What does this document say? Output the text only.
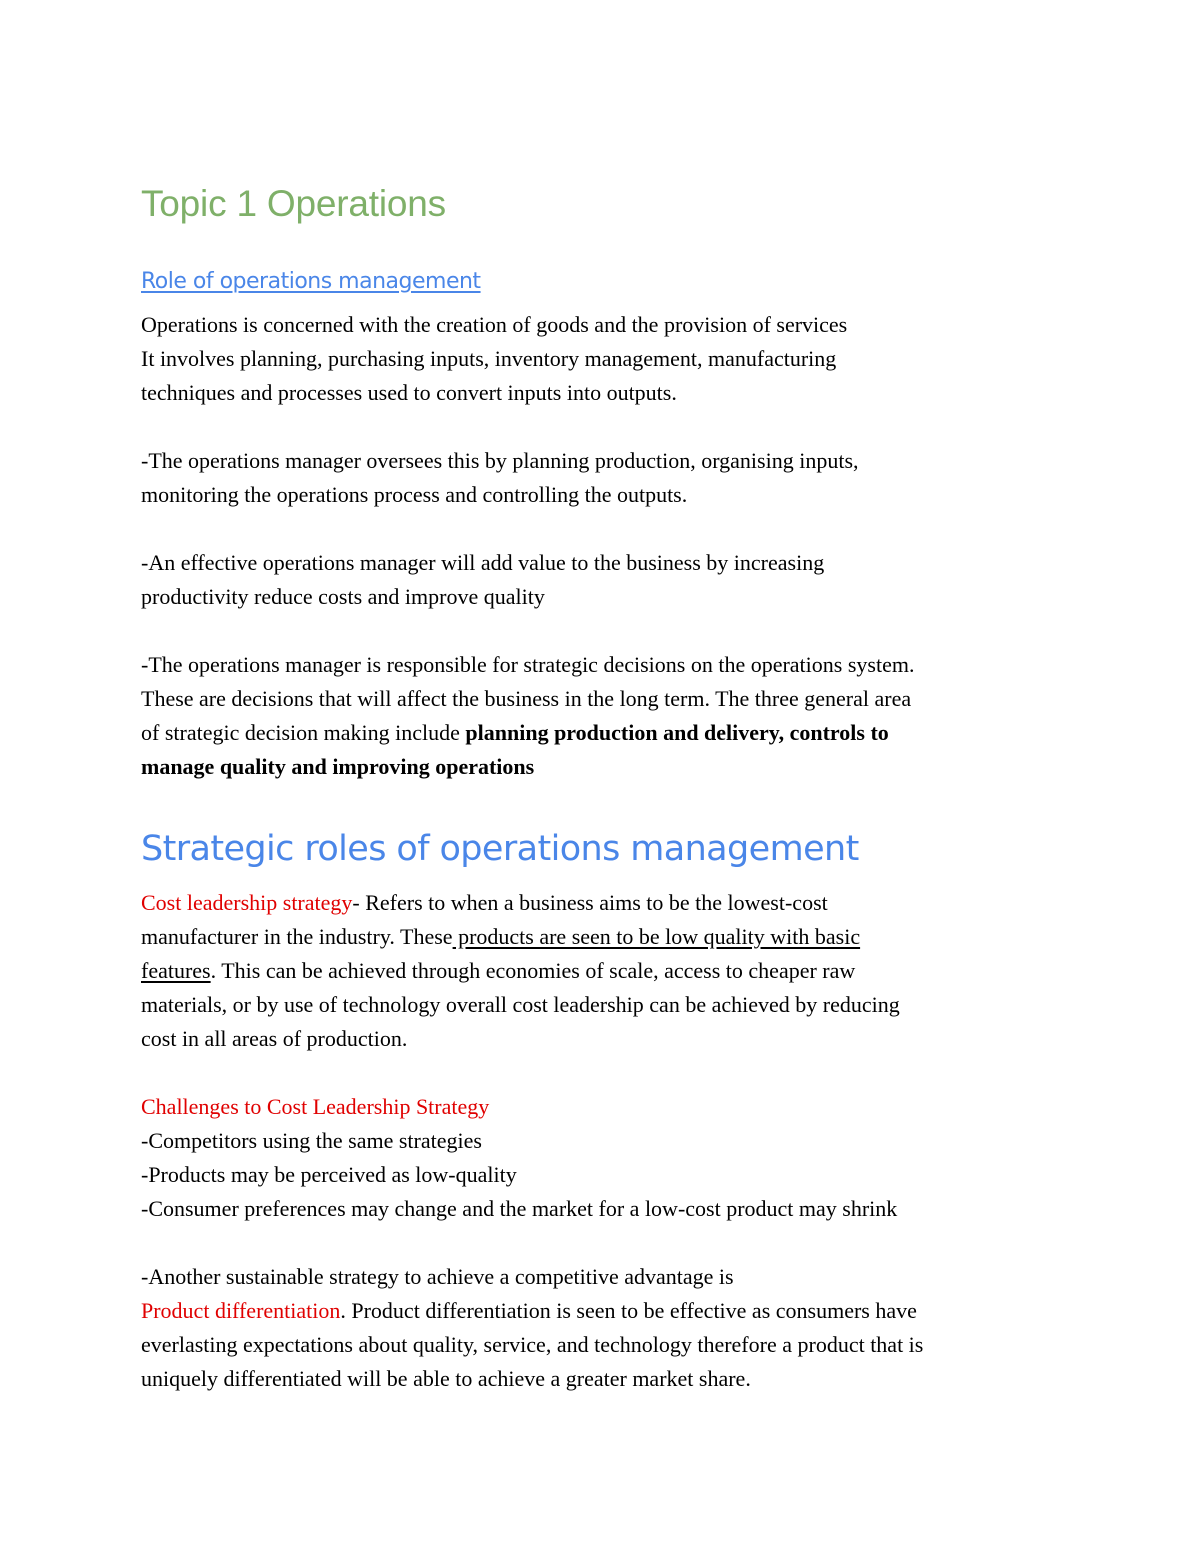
Topic 1 Operations
Role of operations management

Operations is concerned with the creation of goods and the provision of services
It involves planning, purchasing inputs, inventory management, manufacturing
techniques and processes used to convert inputs into outputs.

-The operations manager oversees this by planning production, organising inputs,
monitoring the operations process and controlling the outputs.

-An effective operations manager will add value to the business by increasing
productivity reduce costs and improve quality

-The operations manager is responsible for strategic decisions on the operations system.
These are decisions that will affect the business in the long term. The three general area
of strategic decision making include planning production and delivery, controls to
manage quality and improving operations

Strategic roles of operations management

Cost leadership strategy- Refers to when a business aims to be the lowest-cost
manufacturer in the industry. These products are seen to be low quality with basic
features. This can be achieved through economies of scale, access to cheaper raw
materials, or by use of technology overall cost leadership can be achieved by reducing
cost in all areas of production.

Challenges to Cost Leadership Strategy
-Competitors using the same strategies
-Products may be perceived as low-quality
-Consumer preferences may change and the market for a low-cost product may shrink

-Another sustainable strategy to achieve a competitive advantage is
Product differentiation. Product differentiation is seen to be effective as consumers have
everlasting expectations about quality, service, and technology therefore a product that is
uniquely differentiated will be able to achieve a greater market share.
